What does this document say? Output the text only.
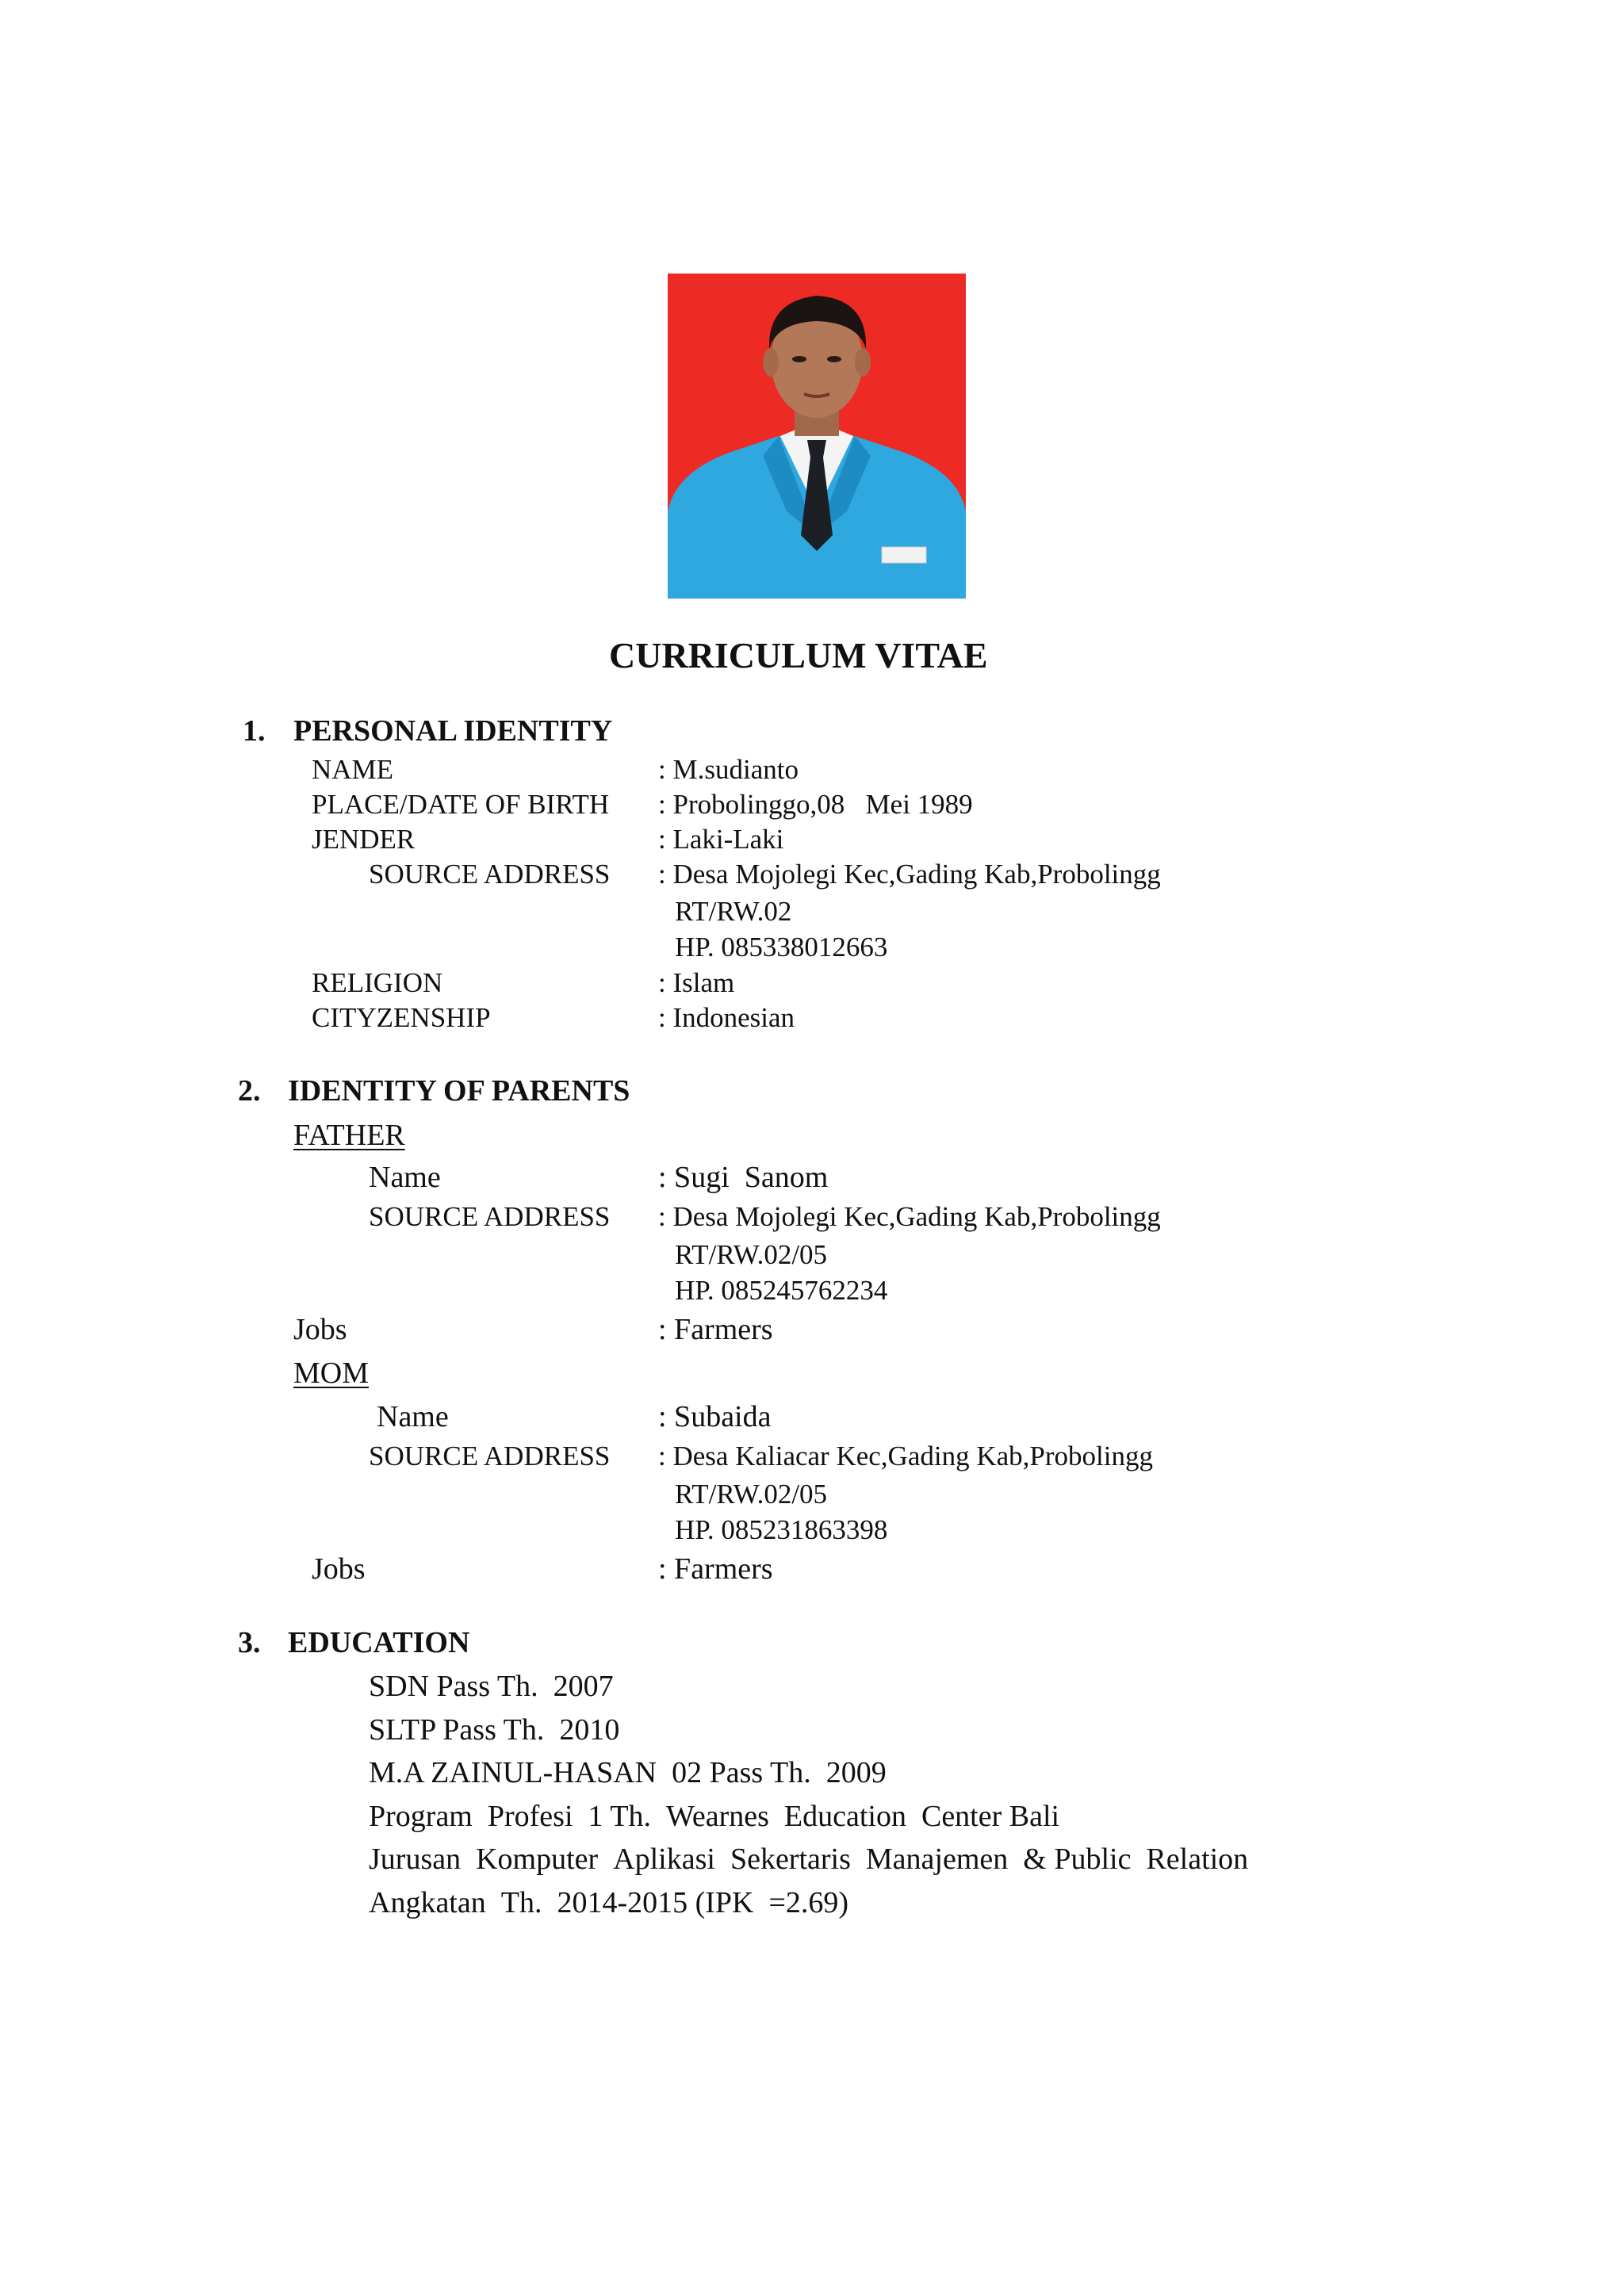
CURRICULUM VITAE
1. PERSONAL IDENTITY
NAME	: M.sudianto
PLACE/DATE OF BIRTH : Probolinggo,08   Mei 1989
JENDER	: Laki-Laki
SOURCE ADDRESS : Desa Mojolegi Kec,Gading Kab,Probolingg
RT/RW.02
HP. 085338012663
RELIGION	: Islam
CITYZENSHIP	: Indonesian
2. IDENTITY OF PARENTS
FATHER
Name	: Sugi  Sanom
SOURCE ADDRESS : Desa Mojolegi Kec,Gading Kab,Probolingg
RT/RW.02/05
HP. 085245762234
Jobs	: Farmers
MOM
Name	: Subaida
SOURCE ADDRESS : Desa Kaliacar Kec,Gading Kab,Probolingg
RT/RW.02/05
HP. 085231863398
Jobs	: Farmers
3. EDUCATION
SDN Pass Th.  2007
SLTP Pass Th.  2010
M.A ZAINUL-HASAN  02 Pass Th.  2009
Program  Profesi  1 Th.  Wearnes  Education  Center Bali
Jurusan  Komputer  Aplikasi  Sekertaris  Manajemen  & Public  Relation
Angkatan  Th.  2014-2015 (IPK  =2.69)
